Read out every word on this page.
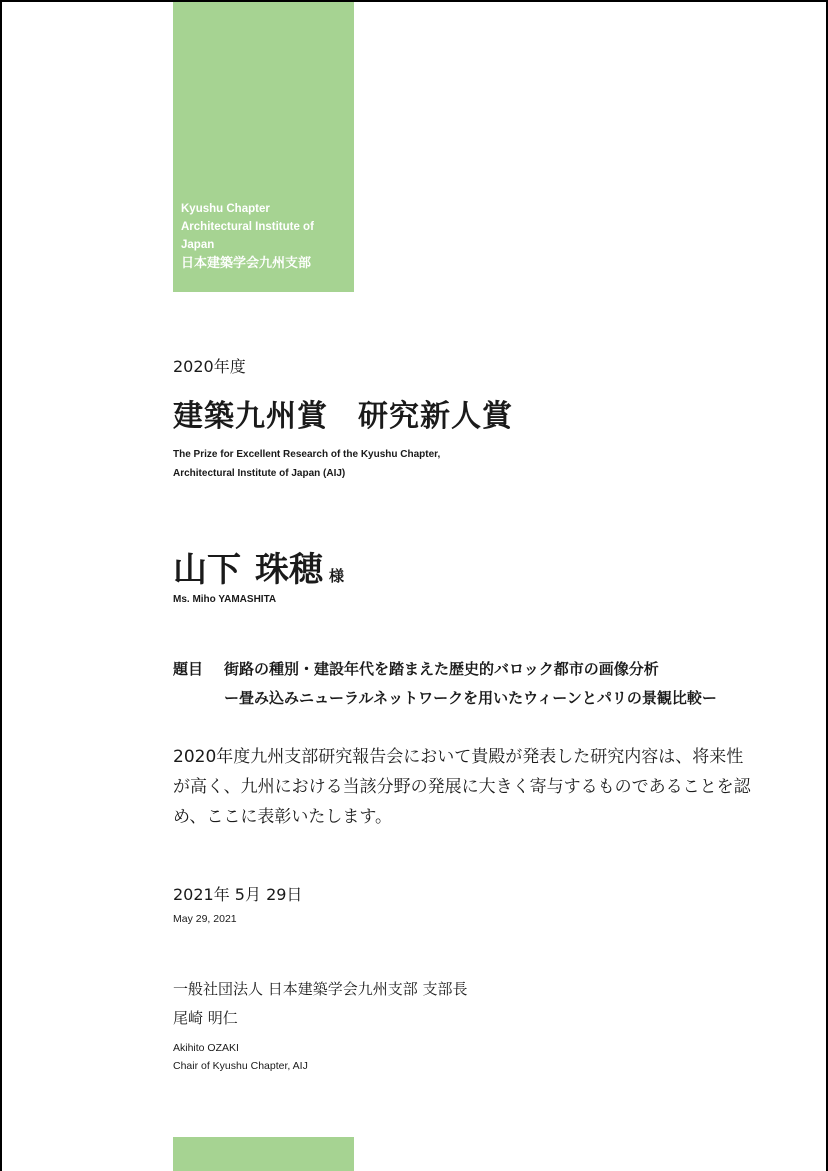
Kyushu Chapter
Architectural Institute of
Japan
日本建築学会九州支部
2020年度
建築九州賞 研究新人賞
The Prize for Excellent Research of the Kyushu Chapter,
Architectural Institute of Japan (AIJ)
山下 珠穂 様
Ms. Miho YAMASHITA
題目 街路の種別・建設年代を踏まえた歴史的バロック都市の画像分析
ー畳み込みニューラルネットワークを用いたウィーンとパリの景観比較ー
2020年度九州支部研究報告会において貴殿が発表した研究内容は、将来性
が高く、九州における当該分野の発展に大きく寄与するものであることを認
め、ここに表彰いたします。
2021年 5月 29日
May 29, 2021
一般社団法人 日本建築学会九州支部 支部長
尾崎 明仁
Akihito OZAKI
Chair of Kyushu Chapter, AIJ
